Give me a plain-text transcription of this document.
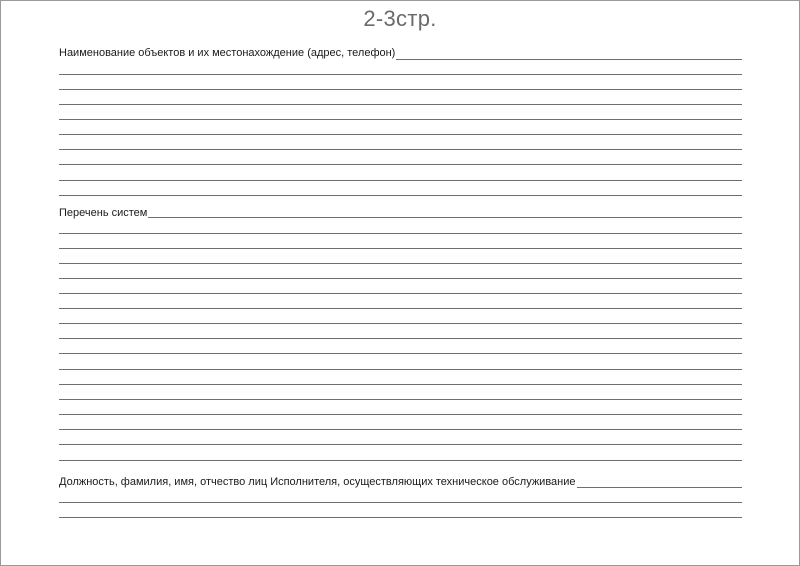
2-3стр.
Наименование объектов и их местонахождение (адрес, телефон)
Перечень систем
Должность, фамилия, имя, отчество лиц Исполнителя, осуществляющих техническое обслуживание
